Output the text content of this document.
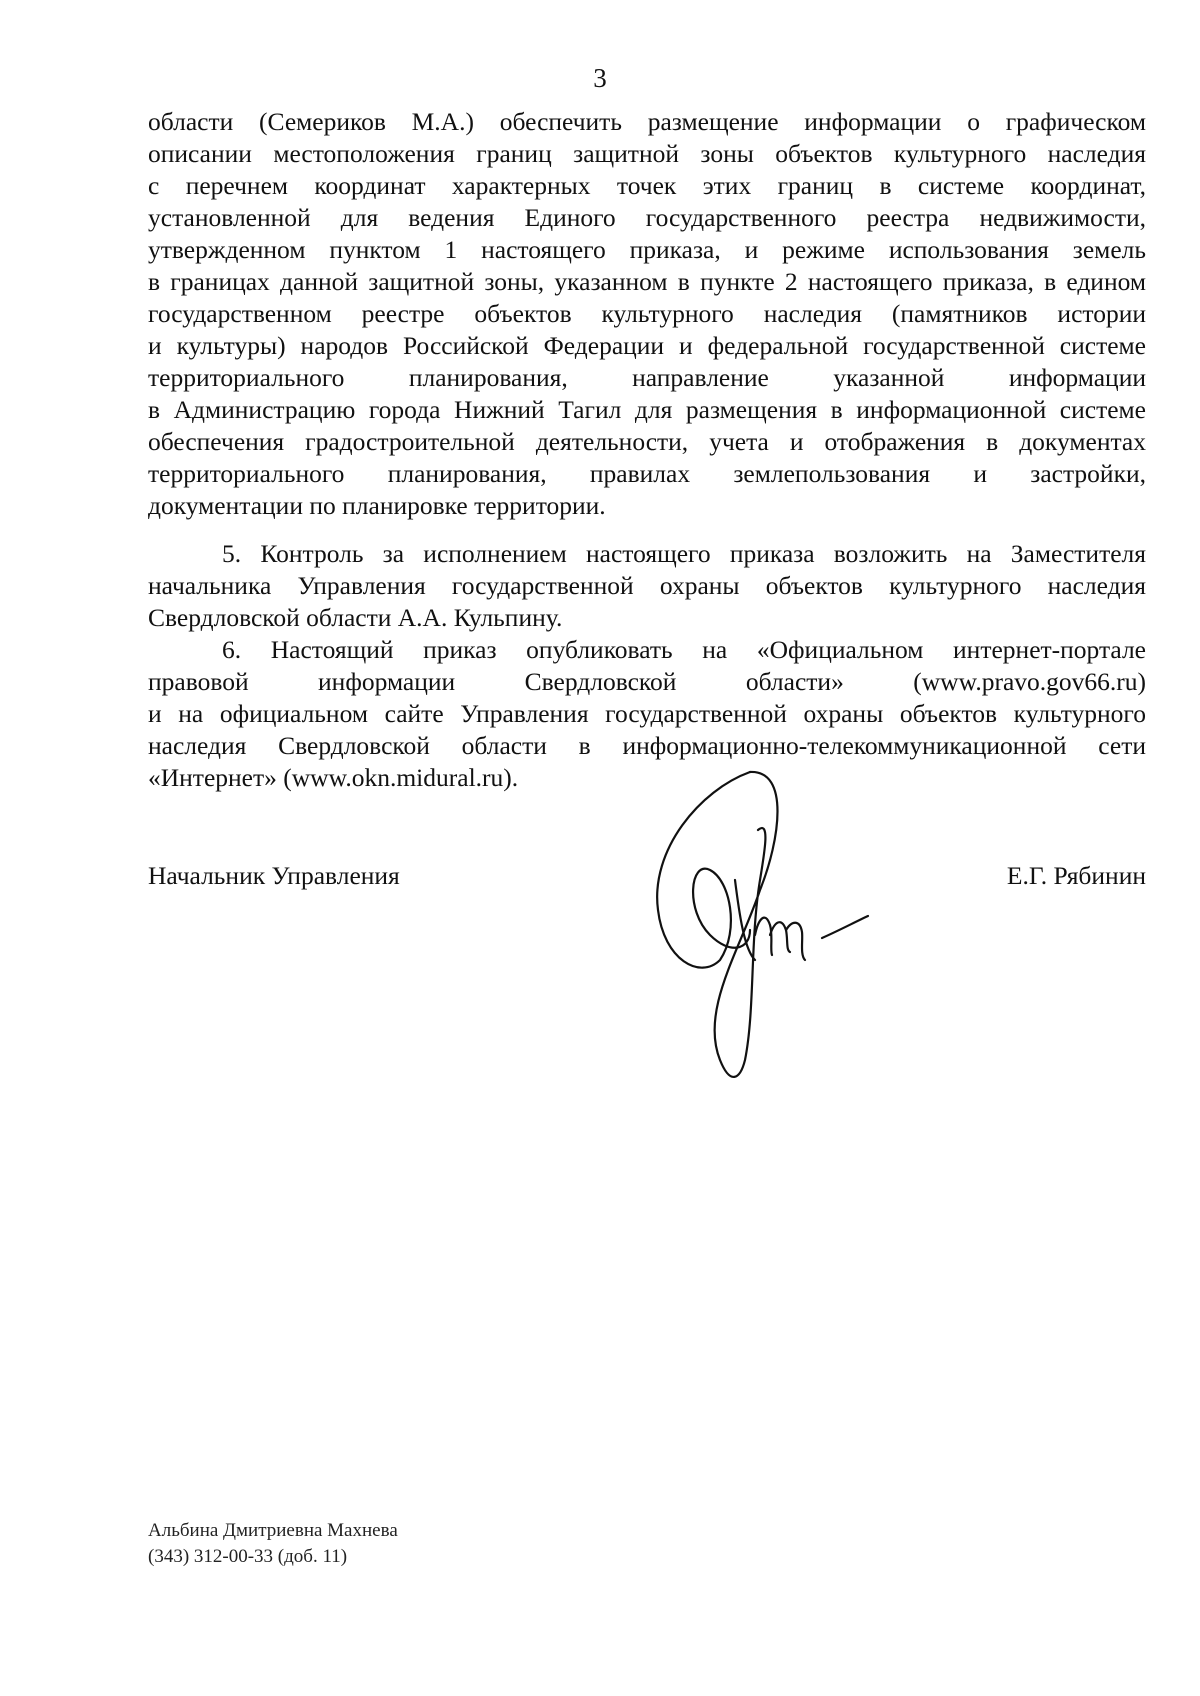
3

области (Семериков М.А.) обеспечить размещение информации о графическом
описании местоположения границ защитной зоны объектов культурного наследия
с перечнем координат характерных точек этих границ в системе координат,
установленной для ведения Единого государственного реестра недвижимости,
утвержденном пунктом 1 настоящего приказа, и режиме использования земель
в границах данной защитной зоны, указанном в пункте 2 настоящего приказа, в едином
государственном реестре объектов культурного наследия (памятников истории
и культуры) народов Российской Федерации и федеральной государственной системе
территориального планирования, направление указанной информации
в Администрацию города Нижний Тагил для размещения в информационной системе
обеспечения градостроительной деятельности, учета и отображения в документах
территориального планирования, правилах землепользования и застройки,
документации по планировке территории.

5. Контроль за исполнением настоящего приказа возложить на Заместителя
начальника Управления государственной охраны объектов культурного наследия
Свердловской области А.А. Кульпину.

6. Настоящий приказ опубликовать на «Официальном интернет-портале
правовой информации Свердловской области» (www.pravo.gov66.ru)
и на официальном сайте Управления государственной охраны объектов культурного
наследия Свердловской области в информационно-телекоммуникационной сети
«Интернет» (www.okn.midural.ru).

Начальник Управления	Е.Г. Рябинин
Альбина Дмитриевна Махнева
(343) 312-00-33 (доб. 11)
